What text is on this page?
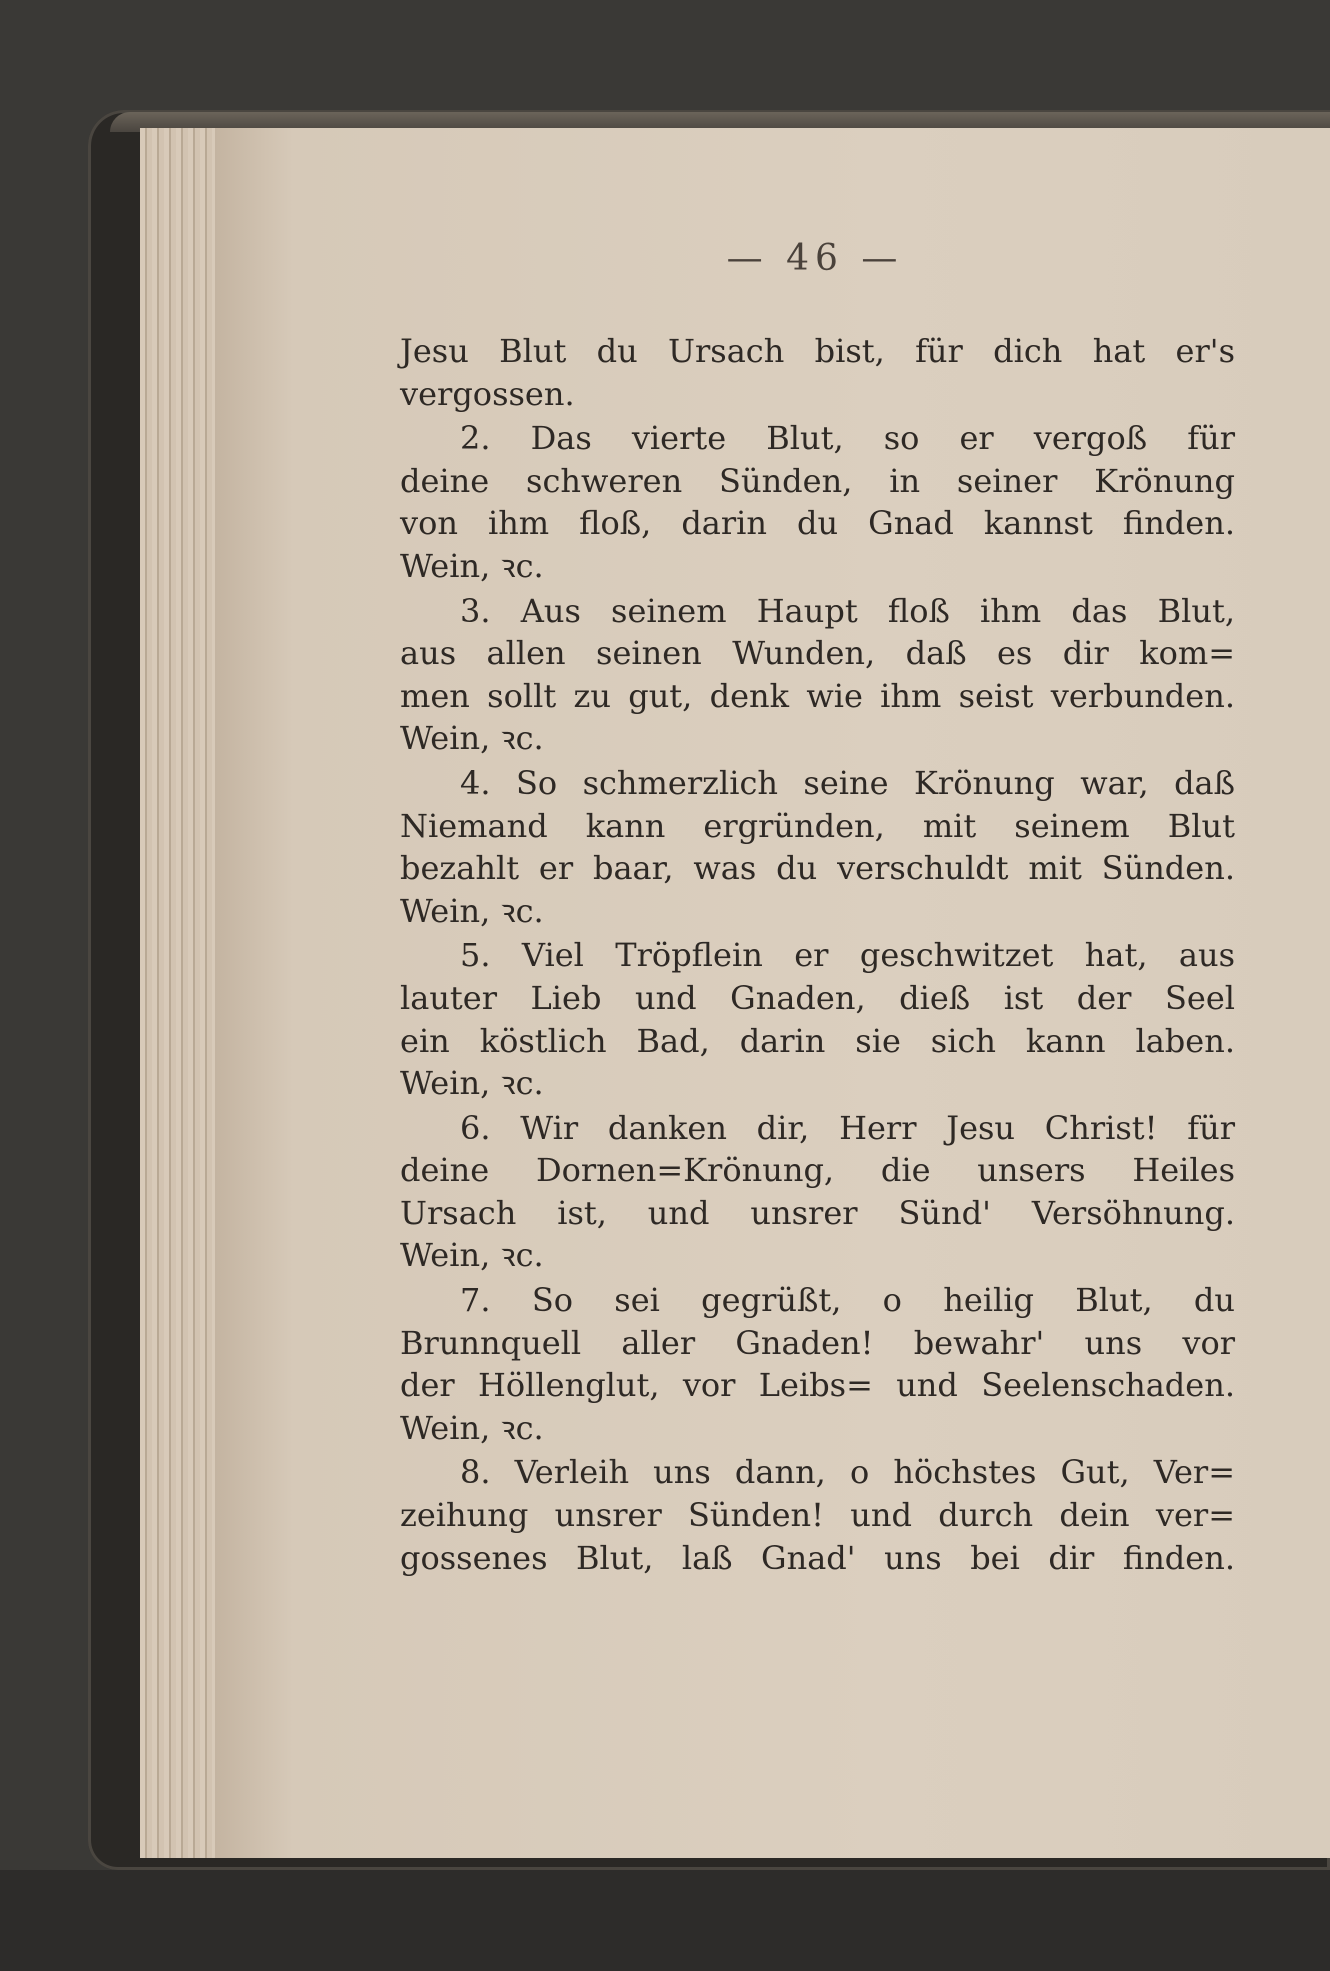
— 46 —
Jesu Blut du Ursach bist, für dich hat er's
vergossen.
2. Das vierte Blut, so er vergoß für
deine schweren Sünden, in seiner Krönung
von ihm floß, darin du Gnad kannst finden.
Wein, ꝛc.
3. Aus seinem Haupt floß ihm das Blut,
aus allen seinen Wunden, daß es dir kom=
men sollt zu gut, denk wie ihm seist verbunden.
Wein, ꝛc.
4. So schmerzlich seine Krönung war, daß
Niemand kann ergründen, mit seinem Blut
bezahlt er baar, was du verschuldt mit Sünden.
Wein, ꝛc.
5. Viel Tröpflein er geschwitzet hat, aus
lauter Lieb und Gnaden, dieß ist der Seel
ein köstlich Bad, darin sie sich kann laben.
Wein, ꝛc.
6. Wir danken dir, Herr Jesu Christ! für
deine Dornen=Krönung, die unsers Heiles
Ursach ist, und unsrer Sünd' Versöhnung.
Wein, ꝛc.
7. So sei gegrüßt, o heilig Blut, du
Brunnquell aller Gnaden! bewahr' uns vor
der Höllenglut, vor Leibs= und Seelenschaden.
Wein, ꝛc.
8. Verleih uns dann, o höchstes Gut, Ver=
zeihung unsrer Sünden! und durch dein ver=
gossenes Blut, laß Gnad' uns bei dir finden.
